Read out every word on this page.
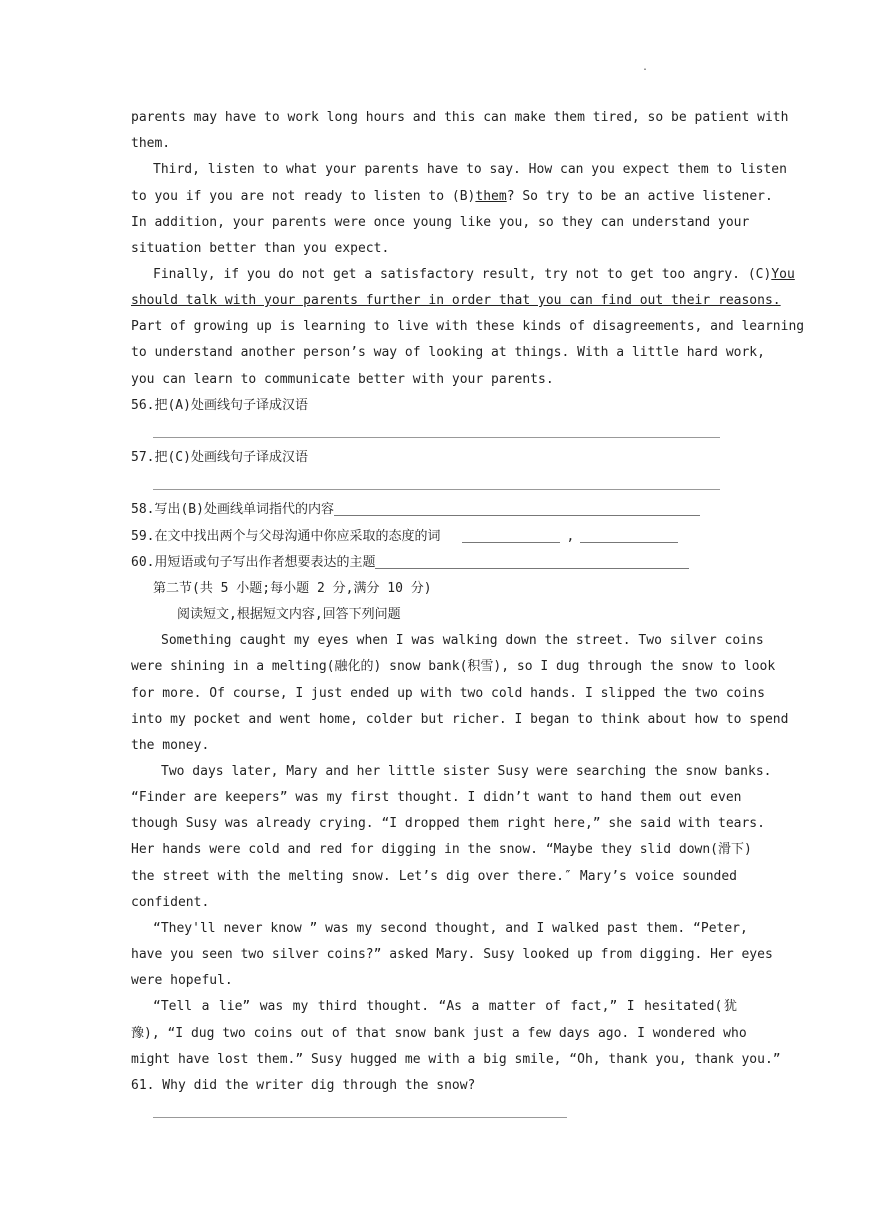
.
parents may have to work long hours and this can make them tired, so be patient with
them.
Third, listen to what your parents have to say. How can you expect them to listen
to you if you are not ready to listen to (B)them? So try to be an active listener.
In addition, your parents were once young like you, so they can understand your
situation better than you expect.
Finally, if you do not get a satisfactory result, try not to get too angry. (C)You
should talk with your parents further in order that you can find out their reasons.
Part of growing up is learning to live with these kinds of disagreements, and learning
to understand another person’s way of looking at things. With a little hard work,
you can learn to communicate better with your parents.
56.把(A)处画线句子译成汉语
57.把(C)处画线句子译成汉语
58.写出(B)处画线单词指代的内容
59.在文中找出两个与父母沟通中你应采取的态度的词	,
60.用短语或句子写出作者想要表达的主题
第二节(共 5 小题;每小题 2 分,满分 10 分)
阅读短文,根据短文内容,回答下列问题
Something caught my eyes when I was walking down the street. Two silver coins
were shining in a melting(融化的) snow bank(积雪), so I dug through the snow to look
for more. Of course, I just ended up with two cold hands. I slipped the two coins
into my pocket and went home, colder but richer. I began to think about how to spend
the money.
Two days later, Mary and her little sister Susy were searching the snow banks.
“Finder are keepers” was my first thought. I didn’t want to hand them out even
though Susy was already crying. “I dropped them right here,” she said with tears.
Her hands were cold and red for digging in the snow. “Maybe they slid down(滑下)
the street with the melting snow. Let’s dig over there.″ Mary’s voice sounded
confident.
“They'll never know ” was my second thought, and I walked past them. “Peter,
have you seen two silver coins?” asked Mary. Susy looked up from digging. Her eyes
were hopeful.
“Tell a lie” was my third thought. “As a matter of fact,” I hesitated(犹
豫), “I dug two coins out of that snow bank just a few days ago. I wondered who
might have lost them.” Susy hugged me with a big smile, “Oh, thank you, thank you.”
61. Why did the writer dig through the snow?
